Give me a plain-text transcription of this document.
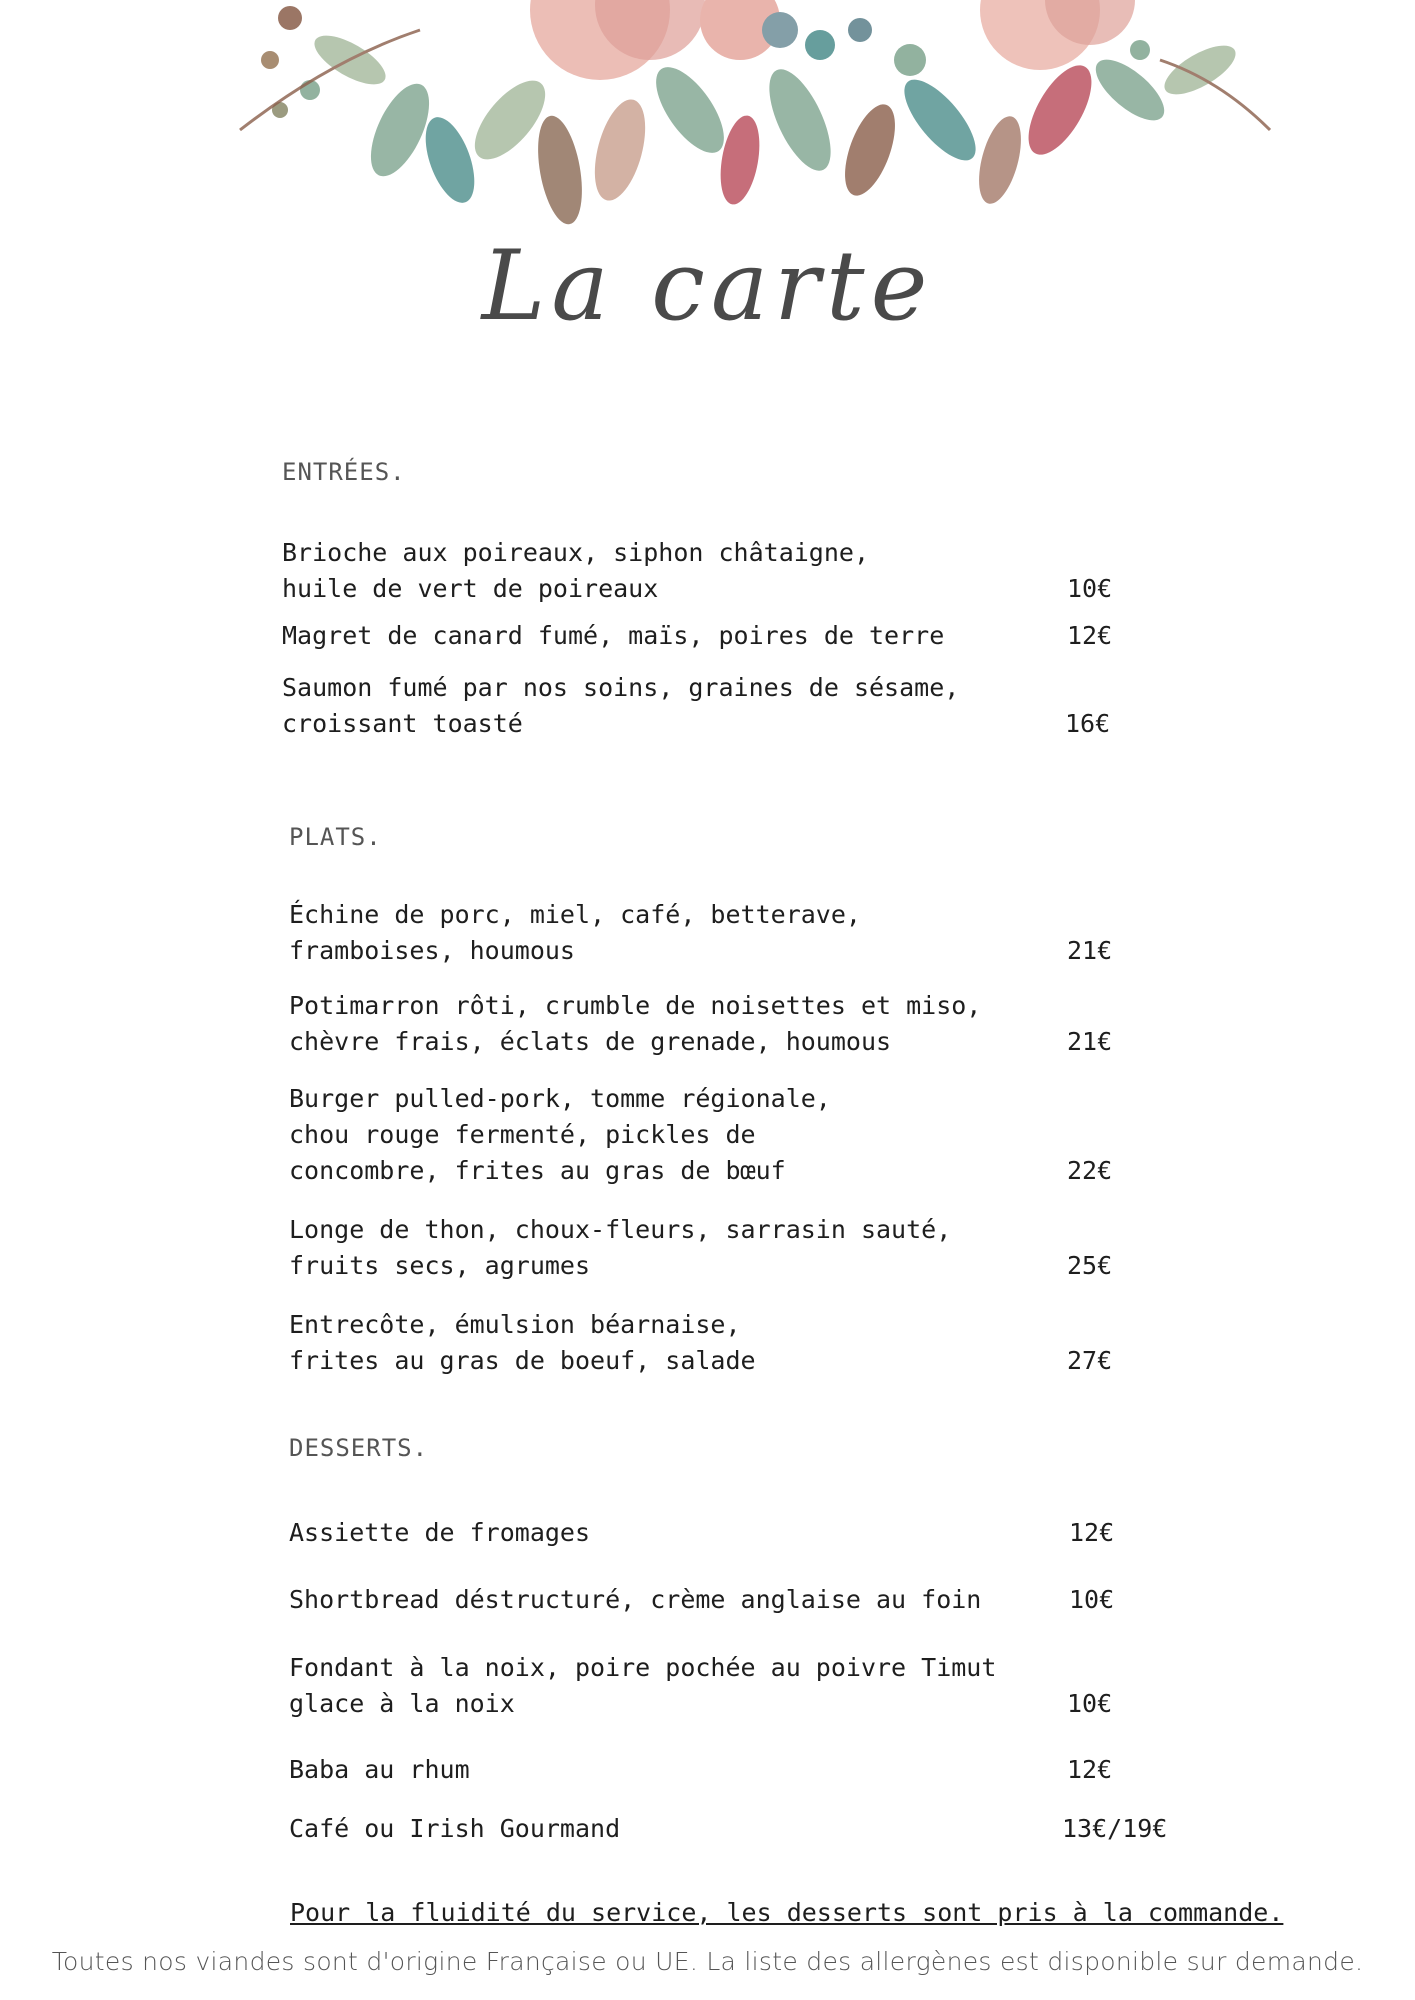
La carte
ENTRÉES.
Brioche aux poireaux, siphon châtaigne,
huile de vert de poireaux	10€
Magret de canard fumé, maïs, poires de terre	12€
Saumon fumé par nos soins, graines de sésame,
croissant toasté	16€
PLATS.
Échine de porc, miel, café, betterave,
framboises, houmous	21€
Potimarron rôti, crumble de noisettes et miso,
chèvre frais, éclats de grenade, houmous	21€
Burger pulled-pork, tomme régionale,
chou rouge fermenté, pickles de
concombre, frites au gras de bœuf	22€
Longe de thon, choux-fleurs, sarrasin sauté,
fruits secs, agrumes	25€
Entrecôte, émulsion béarnaise,
frites au gras de boeuf, salade	27€
DESSERTS.
Assiette de fromages	12€
Shortbread déstructuré, crème anglaise au foin	10€
Fondant à la noix, poire pochée au poivre Timut
glace à la noix	10€
Baba au rhum	12€
Café ou Irish Gourmand	13€/19€
Pour la fluidité du service, les desserts sont pris à la commande.
Toutes nos viandes sont d'origine Française ou UE. La liste des allergènes est disponible sur demande.
